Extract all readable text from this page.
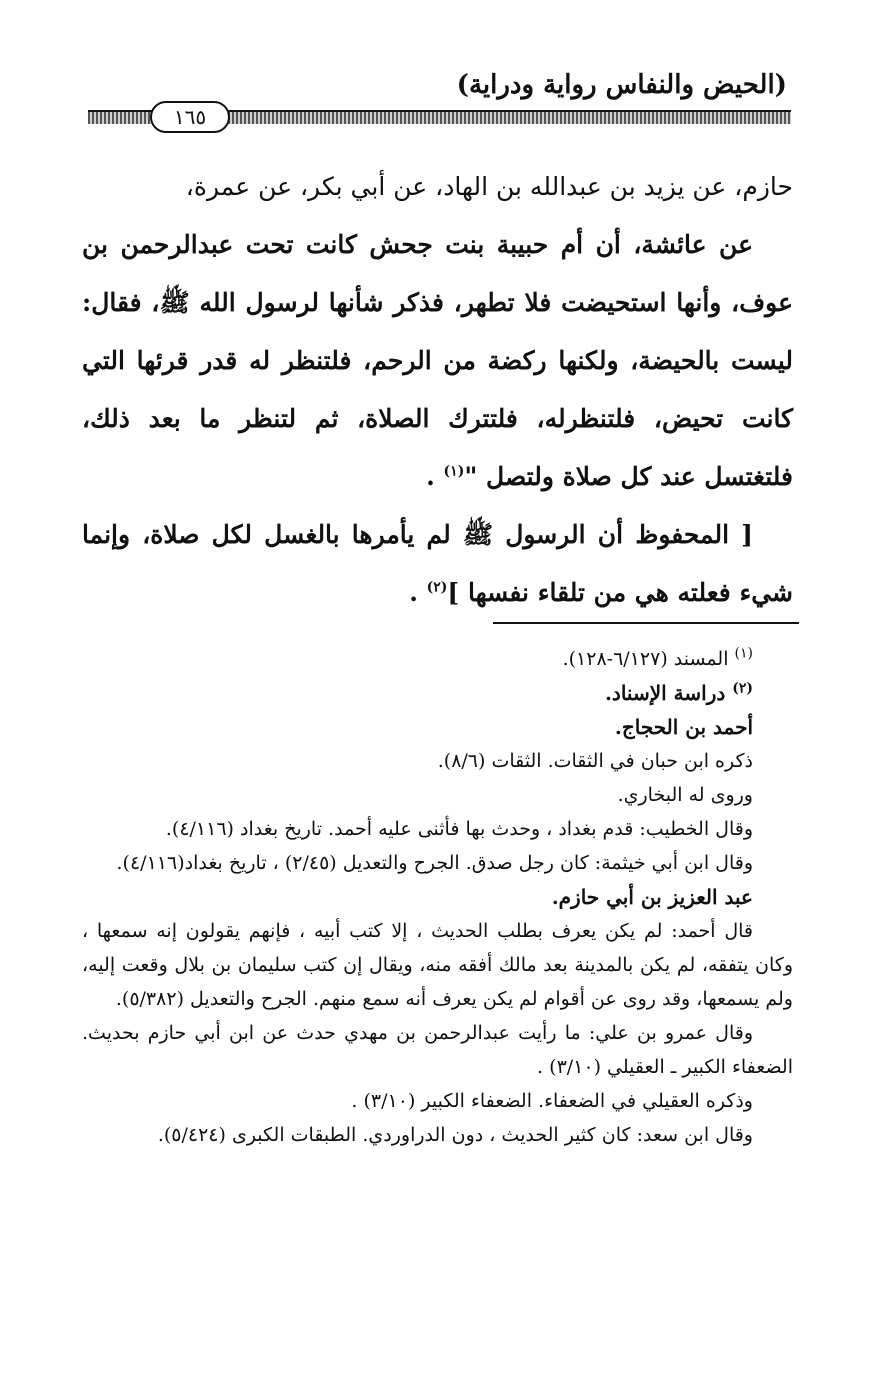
(الحيض والنفاس رواية ودراية)
١٦٥

حازم، عن يزيد بن عبدالله بن الهاد، عن أبي بكر، عن عمرة،

عن عائشة، أن أم حبيبة بنت جحش كانت تحت عبدالرحمن بن عوف، وأنها استحيضت فلا تطهر، فذكر شأنها لرسول الله ﷺ، فقال: ليست بالحيضة، ولكنها ركضة من الرحم، فلتنظر له قدر قرئها التي كانت تحيض، فلتنظرله، فلتترك الصلاة، ثم لتنظر ما بعد ذلك، فلتغتسل عند كل صلاة ولتصل "$^{(١)}$ .

[ المحفوظ أن الرسول ﷺ لم يأمرها بالغسل لكل صلاة، وإنما شيء فعلته هي من تلقاء نفسها ]$^{(٢)}$ .

$^{(١)}$ المسند (٦/١٢٧-١٢٨).

$^{(٢)}$ دراسة الإسناد.

أحمد بن الحجاج.

ذكره ابن حبان في الثقات. الثقات (٨/٦).

وروى له البخاري.

وقال الخطيب: قدم بغداد ، وحدث بها فأثنى عليه أحمد. تاريخ بغداد (٤/١١٦).

وقال ابن أبي خيثمة: كان رجل صدق. الجرح والتعديل (٢/٤٥) ، تاريخ بغداد(٤/١١٦).

عبد العزيز بن أبي حازم.

قال أحمد: لم يكن يعرف بطلب الحديث ، إلا كتب أبيه ، فإنهم يقولون إنه سمعها ، وكان يتفقه، لم يكن بالمدينة بعد مالك أفقه منه، ويقال إن كتب سليمان بن بلال وقعت إليه، ولم يسمعها، وقد روى عن أقوام لم يكن يعرف أنه سمع منهم. الجرح والتعديل (٥/٣٨٢).

وقال عمرو بن علي: ما رأيت عبدالرحمن بن مهدي حدث عن ابن أبي حازم بحديث. الضعفاء الكبير ـ العقيلي (٣/١٠) .

وذكره العقيلي في الضعفاء. الضعفاء الكبير (٣/١٠) .

وقال ابن سعد: كان كثير الحديث ، دون الدراوردي. الطبقات الكبرى (٥/٤٢٤).
